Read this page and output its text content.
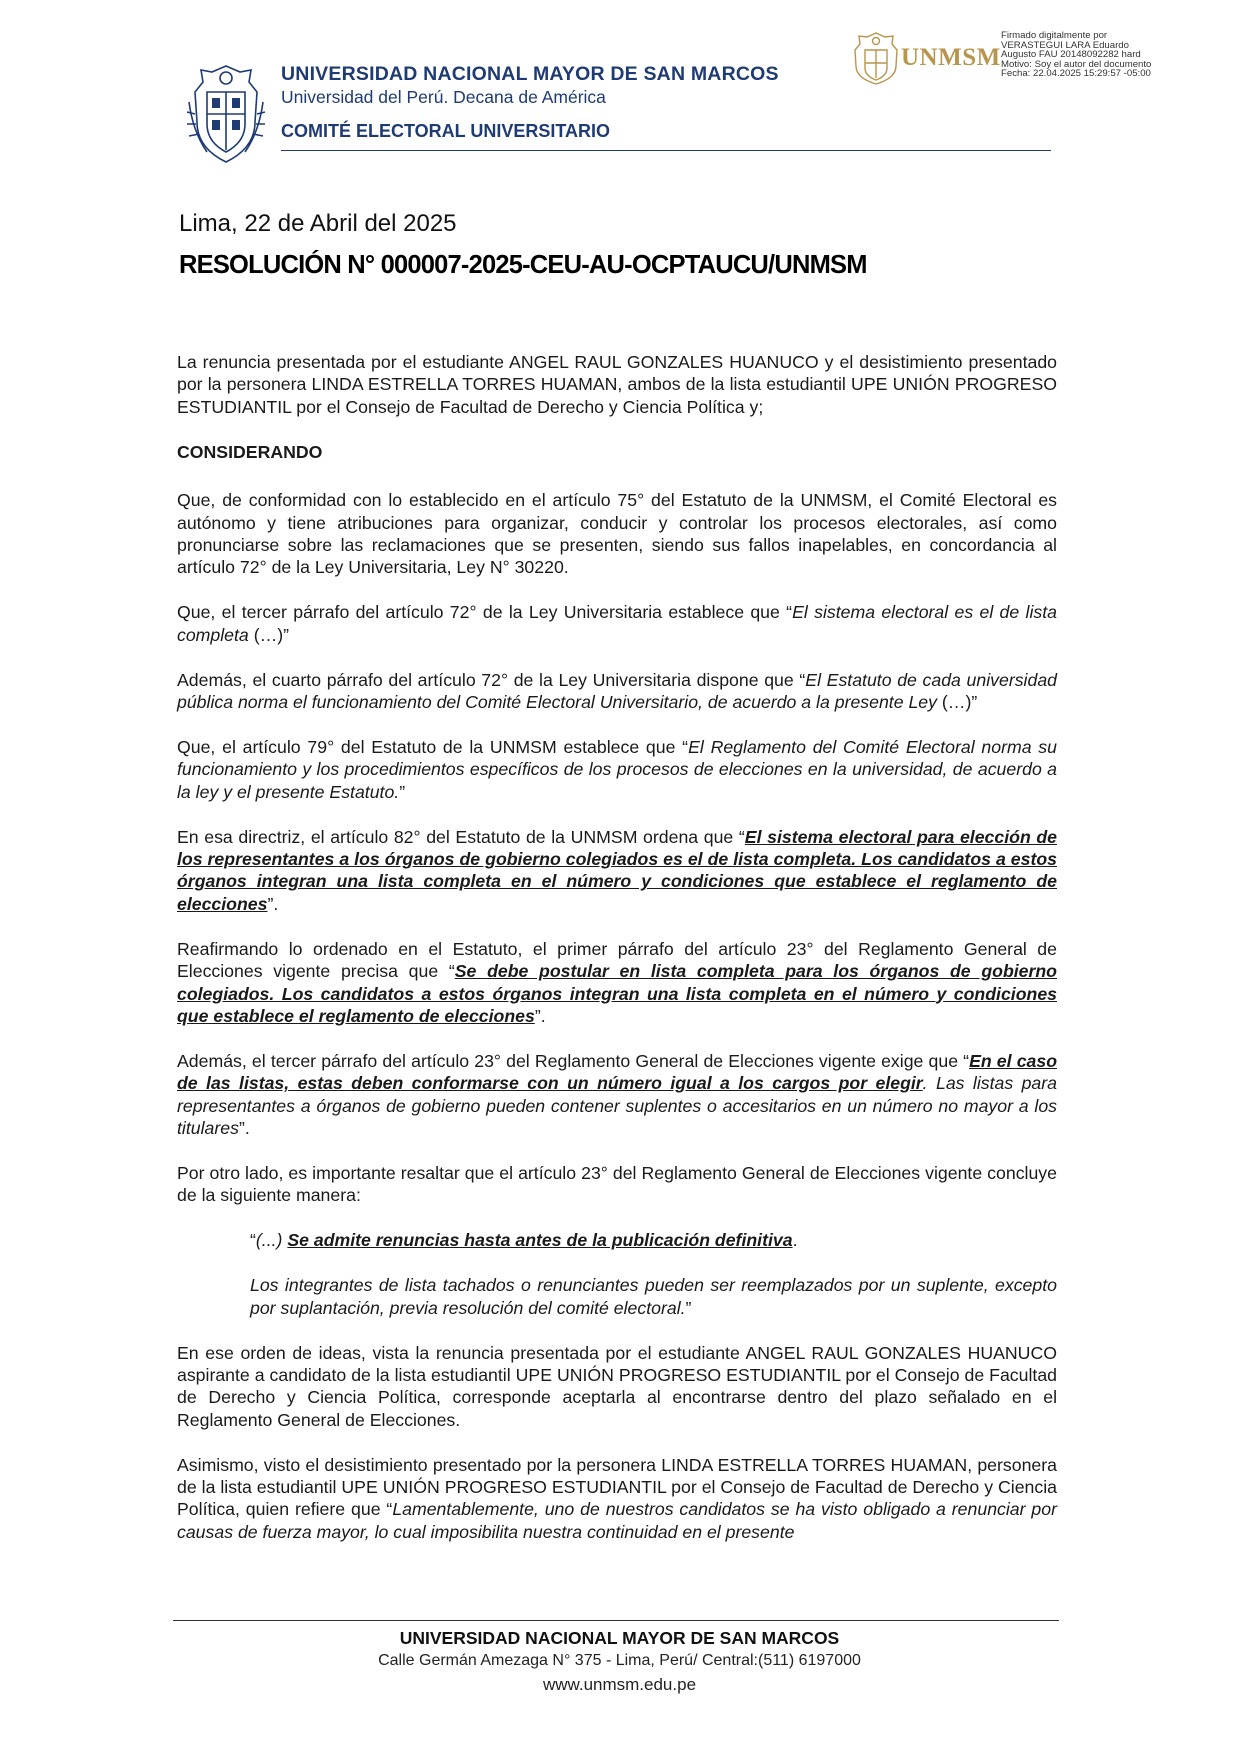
UNIVERSIDAD NACIONAL MAYOR DE SAN MARCOS
Universidad del Perú. Decana de América
COMITÉ ELECTORAL UNIVERSITARIO
UNMSM
Firmado digitalmente por
VERASTEGUI LARA Eduardo
Augusto FAU 20148092282 hard
Motivo: Soy el autor del documento
Fecha: 22.04.2025 15:29:57 -05:00
Lima, 22 de Abril del 2025
RESOLUCIÓN N° 000007-2025-CEU-AU-OCPTAUCU/UNMSM

La renuncia presentada por el estudiante ANGEL RAUL GONZALES HUANUCO y el desistimiento presentado por la personera LINDA ESTRELLA TORRES HUAMAN, ambos de la lista estudiantil UPE UNIÓN PROGRESO ESTUDIANTIL por el Consejo de Facultad de Derecho y Ciencia Política y;

CONSIDERANDO

Que, de conformidad con lo establecido en el artículo 75° del Estatuto de la UNMSM, el Comité Electoral es autónomo y tiene atribuciones para organizar, conducir y controlar los procesos electorales, así como pronunciarse sobre las reclamaciones que se presenten, siendo sus fallos inapelables, en concordancia al artículo 72° de la Ley Universitaria, Ley N° 30220.

Que, el tercer párrafo del artículo 72° de la Ley Universitaria establece que “El sistema electoral es el de lista completa (…)”

Además, el cuarto párrafo del artículo 72° de la Ley Universitaria dispone que “El Estatuto de cada universidad pública norma el funcionamiento del Comité Electoral Universitario, de acuerdo a la presente Ley (…)”

Que, el artículo 79° del Estatuto de la UNMSM establece que “El Reglamento del Comité Electoral norma su funcionamiento y los procedimientos específicos de los procesos de elecciones en la universidad, de acuerdo a la ley y el presente Estatuto.”

En esa directriz, el artículo 82° del Estatuto de la UNMSM ordena que “El sistema electoral para elección de los representantes a los órganos de gobierno colegiados es el de lista completa. Los candidatos a estos órganos integran una lista completa en el número y condiciones que establece el reglamento de elecciones”.

Reafirmando lo ordenado en el Estatuto, el primer párrafo del artículo 23° del Reglamento General de Elecciones vigente precisa que “Se debe postular en lista completa para los órganos de gobierno colegiados. Los candidatos a estos órganos integran una lista completa en el número y condiciones que establece el reglamento de elecciones”.

Además, el tercer párrafo del artículo 23° del Reglamento General de Elecciones vigente exige que “En el caso de las listas, estas deben conformarse con un número igual a los cargos por elegir. Las listas para representantes a órganos de gobierno pueden contener suplentes o accesitarios en un número no mayor a los titulares”.

Por otro lado, es importante resaltar que el artículo 23° del Reglamento General de Elecciones vigente concluye de la siguiente manera:

“(...) Se admite renuncias hasta antes de la publicación definitiva.

Los integrantes de lista tachados o renunciantes pueden ser reemplazados por un suplente, excepto por suplantación, previa resolución del comité electoral.”

En ese orden de ideas, vista la renuncia presentada por el estudiante ANGEL RAUL GONZALES HUANUCO aspirante a candidato de la lista estudiantil UPE UNIÓN PROGRESO ESTUDIANTIL por el Consejo de Facultad de Derecho y Ciencia Política, corresponde aceptarla al encontrarse dentro del plazo señalado en el Reglamento General de Elecciones.

Asimismo, visto el desistimiento presentado por la personera LINDA ESTRELLA TORRES HUAMAN, personera de la lista estudiantil UPE UNIÓN PROGRESO ESTUDIANTIL por el Consejo de Facultad de Derecho y Ciencia Política, quien refiere que “Lamentablemente, uno de nuestros candidatos se ha visto obligado a renunciar por causas de fuerza mayor, lo cual imposibilita nuestra continuidad en el presente

UNIVERSIDAD NACIONAL MAYOR DE SAN MARCOS
Calle Germán Amezaga N° 375 - Lima, Perú/ Central:(511) 6197000
www.unmsm.edu.pe
